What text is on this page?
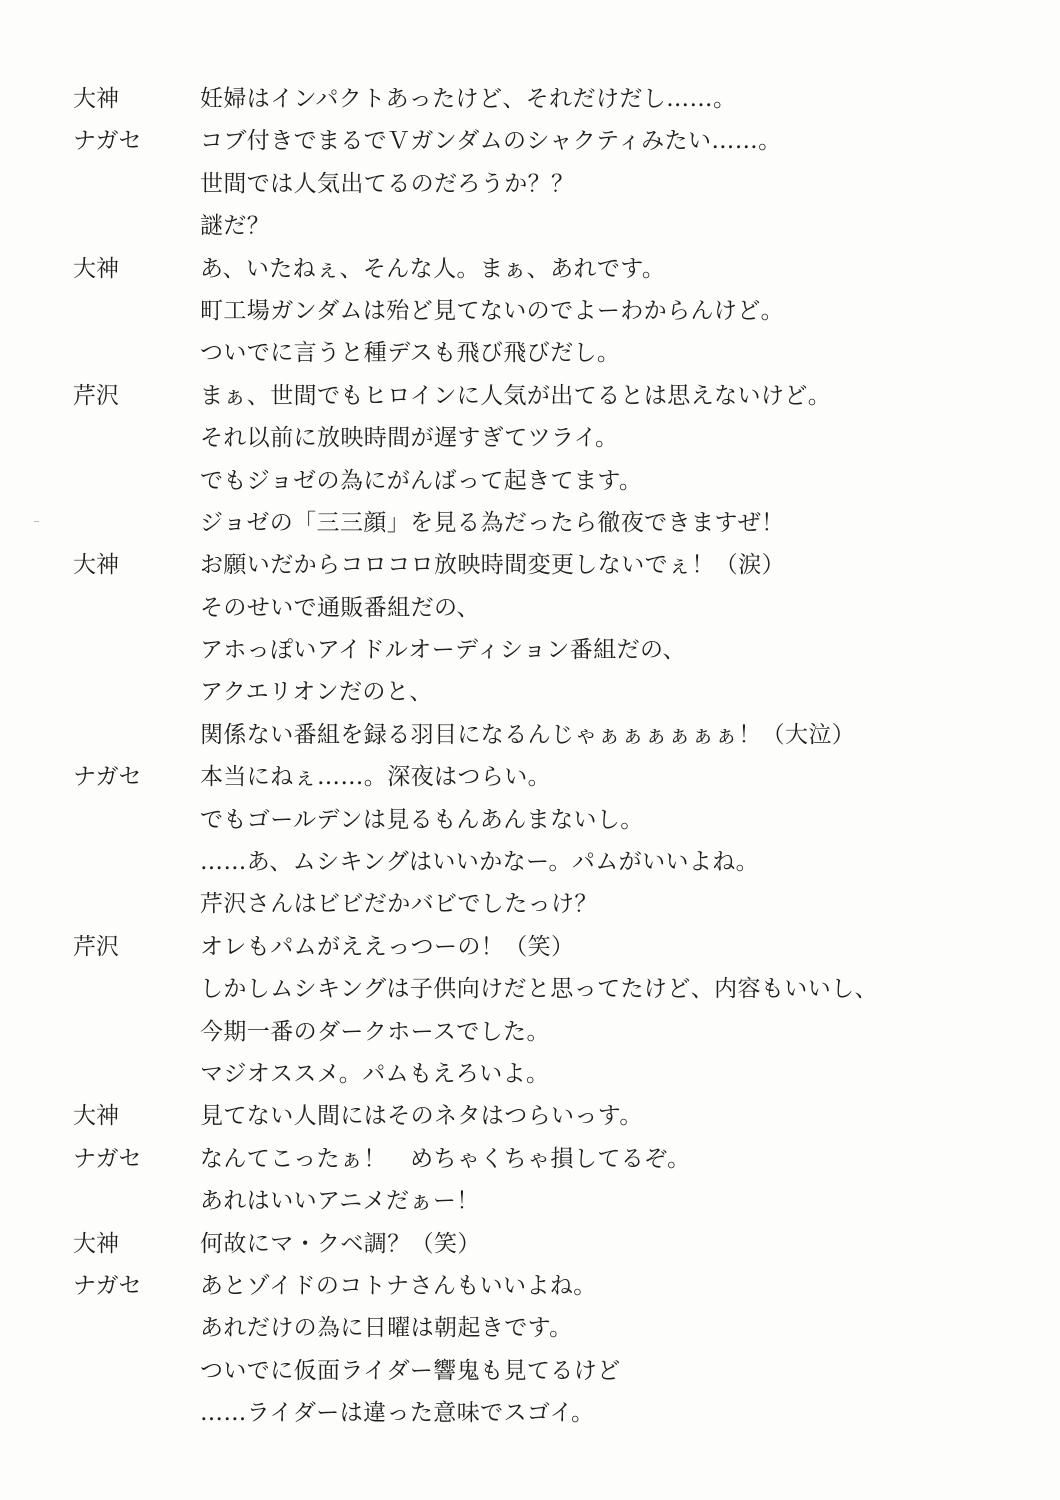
大神	妊婦はインパクトあったけど、それだけだし……。
ナガセ	コブ付きでまるでＶガンダムのシャクティみたい……。
世間では人気出てるのだろうか？？
謎だ？
大神	あ、いたねぇ、そんな人。まぁ、あれです。
町工場ガンダムは殆ど見てないのでよーわからんけど。
ついでに言うと種デスも飛び飛びだし。
芹沢	まぁ、世間でもヒロインに人気が出てるとは思えないけど。
それ以前に放映時間が遅すぎてツライ。
でもジョゼの為にがんばって起きてます。
ジョゼの「三三顔」を見る為だったら徹夜できますぜ！
大神	お願いだからコロコロ放映時間変更しないでぇ！（涙）
そのせいで通販番組だの、
アホっぽいアイドルオーディション番組だの、
アクエリオンだのと、
関係ない番組を録る羽目になるんじゃぁぁぁぁぁぁ！（大泣）
ナガセ	本当にねぇ……。深夜はつらい。
でもゴールデンは見るもんあんまないし。
……あ、ムシキングはいいかなー。パムがいいよね。
芹沢さんはビビだかバビでしたっけ？
芹沢	オレもパムがええっつーの！（笑）
しかしムシキングは子供向けだと思ってたけど、内容もいいし、
今期一番のダークホースでした。
マジオススメ。パムもえろいよ。
大神	見てない人間にはそのネタはつらいっす。
ナガセ	なんてこったぁ！　めちゃくちゃ損してるぞ。
あれはいいアニメだぁー！
大神	何故にマ・クベ調？（笑）
ナガセ	あとゾイドのコトナさんもいいよね。
あれだけの為に日曜は朝起きです。
ついでに仮面ライダー響鬼も見てるけど
……ライダーは違った意味でスゴイ。
